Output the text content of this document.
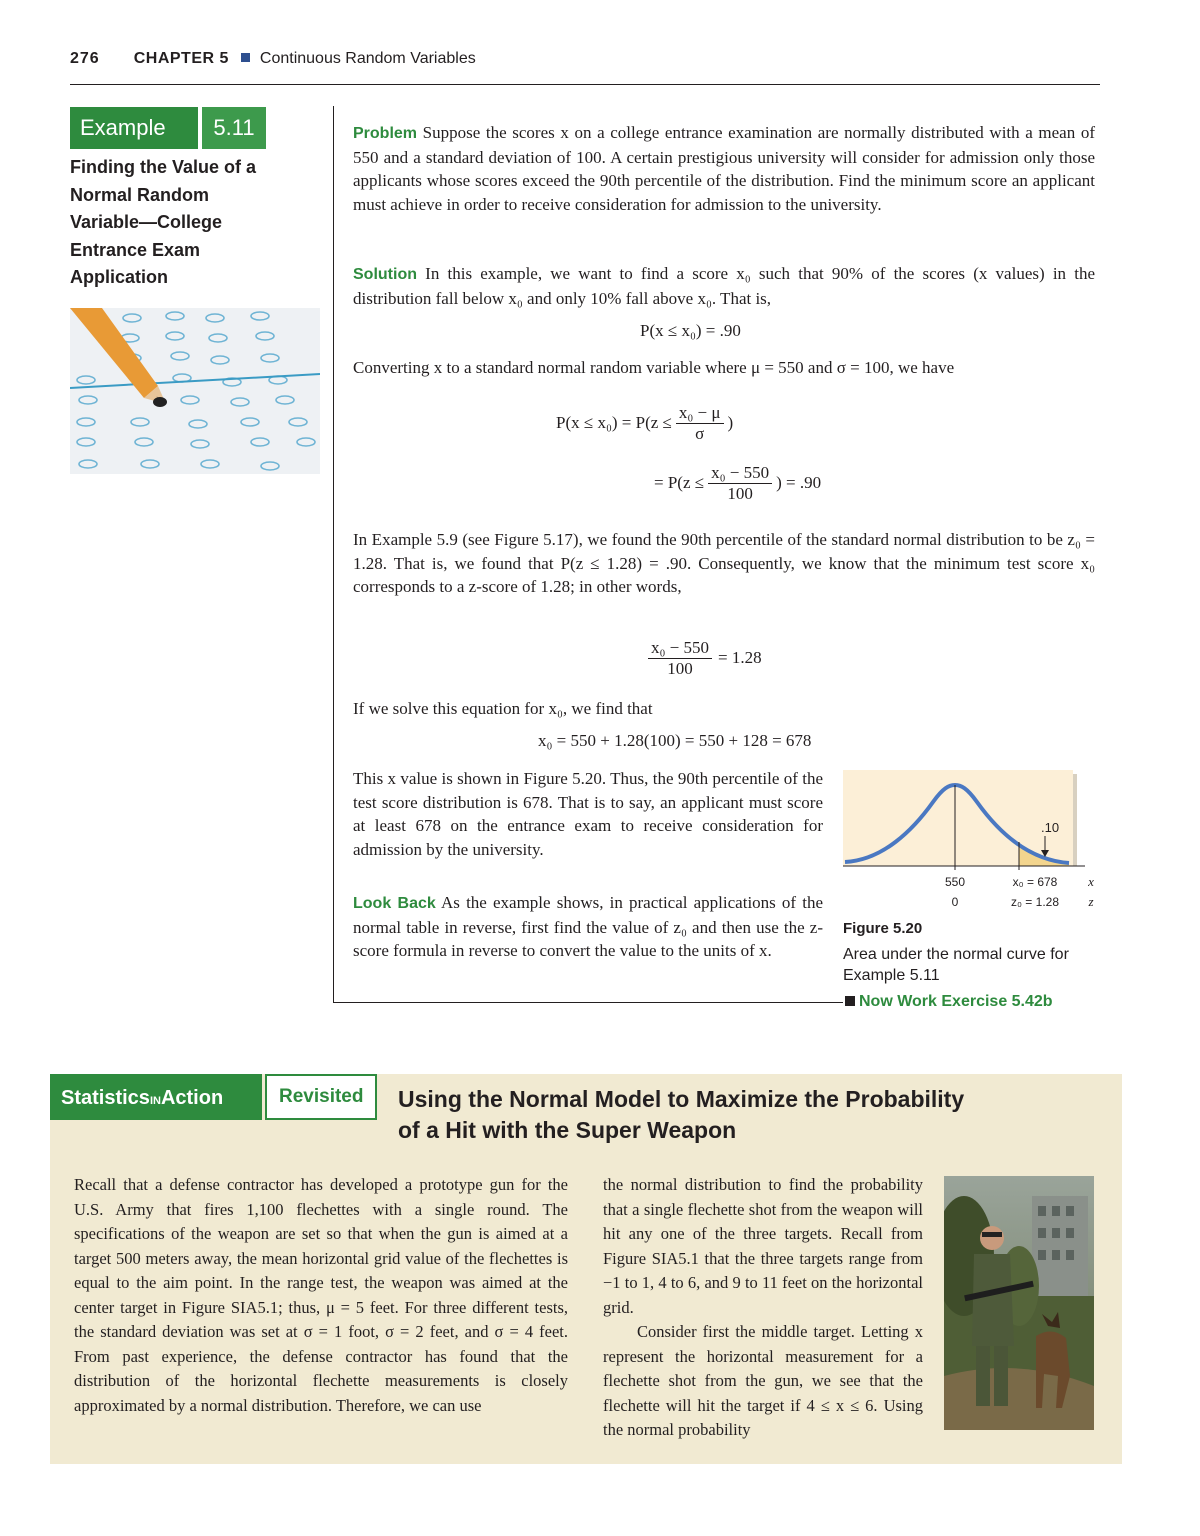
276 CHAPTER 5 Continuous Random Variables
Example	5.11
Finding the Value of a Normal Random Variable—College Entrance Exam Application
Problem Suppose the scores x on a college entrance examination are normally distributed with a mean of 550 and a standard deviation of 100. A certain prestigious university will consider for admission only those applicants whose scores exceed the 90th percentile of the distribution. Find the minimum score an applicant must achieve in order to receive consideration for admission to the university.
Solution In this example, we want to find a score x₀ such that 90% of the scores (x values) in the distribution fall below x₀ and only 10% fall above x₀. That is,
P(x ≤ x₀) = .90
Converting x to a standard normal random variable where μ = 550 and σ = 100, we have
$P(x \le x_0) = P(z \le \frac{\text{x₀ − μ}}{\sigma}$ )
= $P(z \le \frac{\text{x₀ − 550}}{100}$ ) = .90
In Example 5.9 (see Figure 5.17), we found the 90th percentile of the standard normal distribution to be z₀ = 1.28. That is, we found that P(z ≤ 1.28) = .90. Consequently, we know that the minimum test score x₀ corresponds to a z-score of 1.28; in other words,
$\frac{\text{x₀ − 550}}{100} = 1.28$
If we solve this equation for x₀, we find that
x₀ = 550 + 1.28(100) = 550 + 128 = 678
This x value is shown in Figure 5.20. Thus, the 90th percentile of the test score distribution is 678. That is to say, an applicant must score at least 678 on the entrance exam to receive consideration for admission by the university.
Look Back As the example shows, in practical applications of the normal table in reverse, first find the value of z₀ and then use the z-score formula in reverse to convert the value to the units of x.
.10
550
0
x₀ = 678
z₀ = 1.28
x
z
Figure 5.20
Area under the normal curve for Example 5.11
Now Work Exercise 5.42b
StatisticsINAction	Revisited	Using the Normal Model to Maximize the Probability
of a Hit with the Super Weapon
Recall that a defense contractor has developed a prototype gun for the U.S. Army that fires 1,100 flechettes with a single round. The specifications of the weapon are set so that when the gun is aimed at a target 500 meters away, the mean horizontal grid value of the flechettes is equal to the aim point. In the range test, the weapon was aimed at the center target in Figure SIA5.1; thus, μ = 5 feet. For three different tests, the standard deviation was set at σ = 1 foot, σ = 2 feet, and σ = 4 feet. From past experience, the defense contractor has found that the distribution of the horizontal flechette measurements is closely approximated by a normal distribution. Therefore, we can use
the normal distribution to find the probability that a single flechette shot from the weapon will hit any one of the three targets. Recall from Figure SIA5.1 that the three targets range from −1 to 1, 4 to 6, and 9 to 11 feet on the horizontal grid.
Consider first the middle target. Letting x represent the horizontal measurement for a flechette shot from the gun, we see that the flechette will hit the target if 4 ≤ x ≤ 6. Using the normal probability
